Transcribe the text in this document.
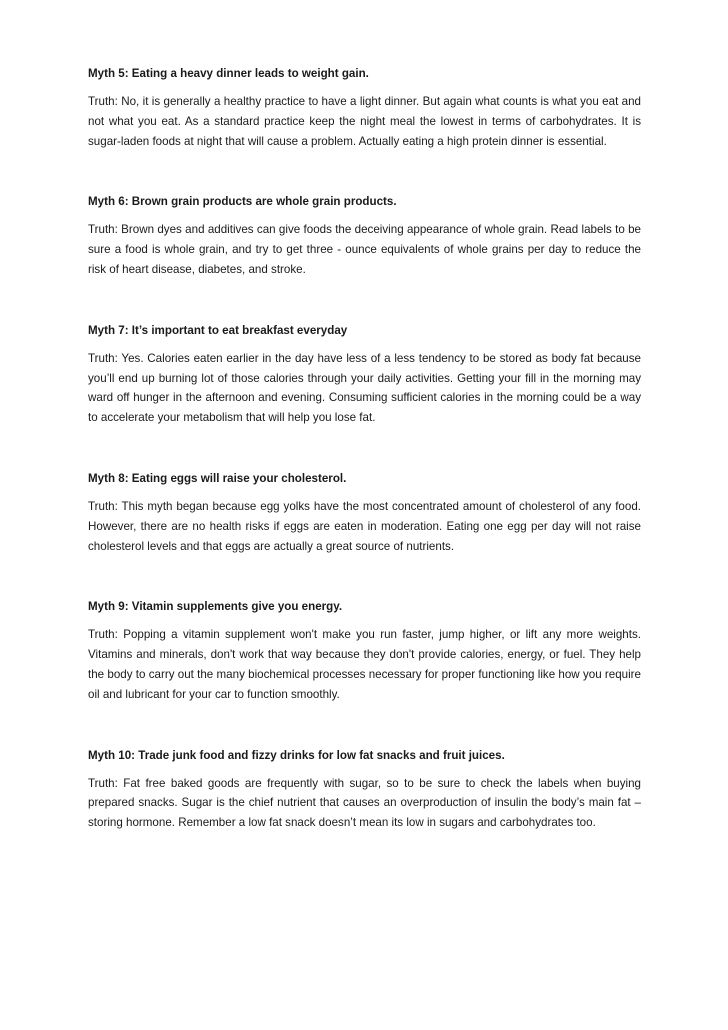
Myth 5: Eating a heavy dinner leads to weight gain.

Truth: No, it is generally a healthy practice to have a light dinner. But again what counts is what you eat and not what you eat. As a standard practice keep the night meal the lowest in terms of carbohydrates. It is sugar-laden foods at night that will cause a problem. Actually eating a high protein dinner is essential.

Myth 6: Brown grain products are whole grain products.

Truth: Brown dyes and additives can give foods the deceiving appearance of whole grain. Read labels to be sure a food is whole grain, and try to get three - ounce equivalents of whole grains per day to reduce the risk of heart disease, diabetes, and stroke.

Myth 7: It’s important to eat breakfast everyday

Truth: Yes. Calories eaten earlier in the day have less of a less tendency to be stored as body fat because you’ll end up burning lot of those calories through your daily activities. Getting your fill in the morning may ward off hunger in the afternoon and evening. Consuming sufficient calories in the morning could be a way to accelerate your metabolism that will help you lose fat.

Myth 8: Eating eggs will raise your cholesterol.

Truth: This myth began because egg yolks have the most concentrated amount of cholesterol of any food. However, there are no health risks if eggs are eaten in moderation. Eating one egg per day will not raise cholesterol levels and that eggs are actually a great source of nutrients.

Myth 9: Vitamin supplements give you energy.

Truth: Popping a vitamin supplement won't make you run faster, jump higher, or lift any more weights. Vitamins and minerals, don't work that way because they don't provide calories, energy, or fuel. They help the body to carry out the many biochemical processes necessary for proper functioning like how you require oil and lubricant for your car to function smoothly.

Myth 10: Trade junk food and fizzy drinks for low fat snacks and fruit juices.

Truth: Fat free baked goods are frequently with sugar, so to be sure to check the labels when buying prepared snacks. Sugar is the chief nutrient that causes an overproduction of insulin the body’s main fat – storing hormone. Remember a low fat snack doesn’t mean its low in sugars and carbohydrates too.
